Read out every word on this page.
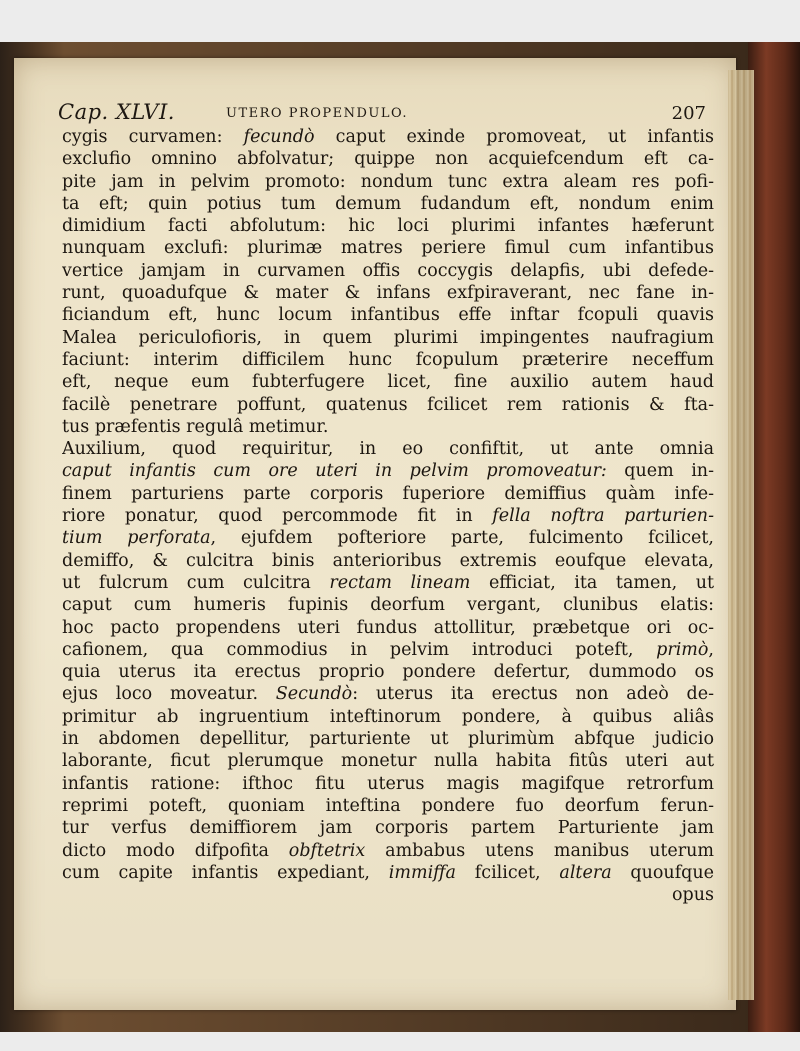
Cap. XLVI.	UTERO PROPENDULO.	207
cygis curvamen: fecundò caput exinde promoveat, ut infantis
exclufio omnino abfolvatur; quippe non acquiefcendum eft ca-
pite jam in pelvim promoto: nondum tunc extra aleam res pofi-
ta eft; quin potius tum demum fudandum eft, nondum enim
dimidium facti abfolutum: hic loci plurimi infantes hæferunt
nunquam exclufi: plurimæ matres periere fimul cum infantibus
vertice jamjam in curvamen offis coccygis delapfis, ubi defede-
runt, quoadufque & mater & infans exfpiraverant, nec fane in-
ficiandum eft, hunc locum infantibus effe inftar fcopuli quavis
Malea periculofioris, in quem plurimi impingentes naufragium
faciunt: interim difficilem hunc fcopulum præterire neceffum
eft, neque eum fubterfugere licet, fine auxilio autem haud
facilè penetrare poffunt, quatenus fcilicet rem rationis & fta-
tus præfentis regulâ metimur.
Auxilium, quod requiritur, in eo confiftit, ut ante omnia
caput infantis cum ore uteri in pelvim promoveatur: quem in-
finem parturiens parte corporis fuperiore demiffius quàm infe-
riore ponatur, quod percommode fit in fella noftra parturien-
tium perforata, ejufdem pofteriore parte, fulcimento fcilicet,
demiffo, & culcitra binis anterioribus extremis eoufque elevata,
ut fulcrum cum culcitra rectam lineam efficiat, ita tamen, ut
caput cum humeris fupinis deorfum vergant, clunibus elatis:
hoc pacto propendens uteri fundus attollitur, præbetque ori oc-
cafionem, qua commodius in pelvim introduci poteft, primò,
quia uterus ita erectus proprio pondere defertur, dummodo os
ejus loco moveatur. Secundò: uterus ita erectus non adeò de-
primitur ab ingruentium inteftinorum pondere, à quibus aliâs
in abdomen depellitur, parturiente ut plurimùm abfque judicio
laborante, ficut plerumque monetur nulla habita fitûs uteri aut
infantis ratione: ifthoc fitu uterus magis magifque retrorfum
reprimi poteft, quoniam inteftina pondere fuo deorfum ferun-
tur verfus demiffiorem jam corporis partem Parturiente jam
dicto modo difpofita obftetrix ambabus utens manibus uterum
cum capite infantis expediant, immiffa fcilicet, altera quoufque
opus
